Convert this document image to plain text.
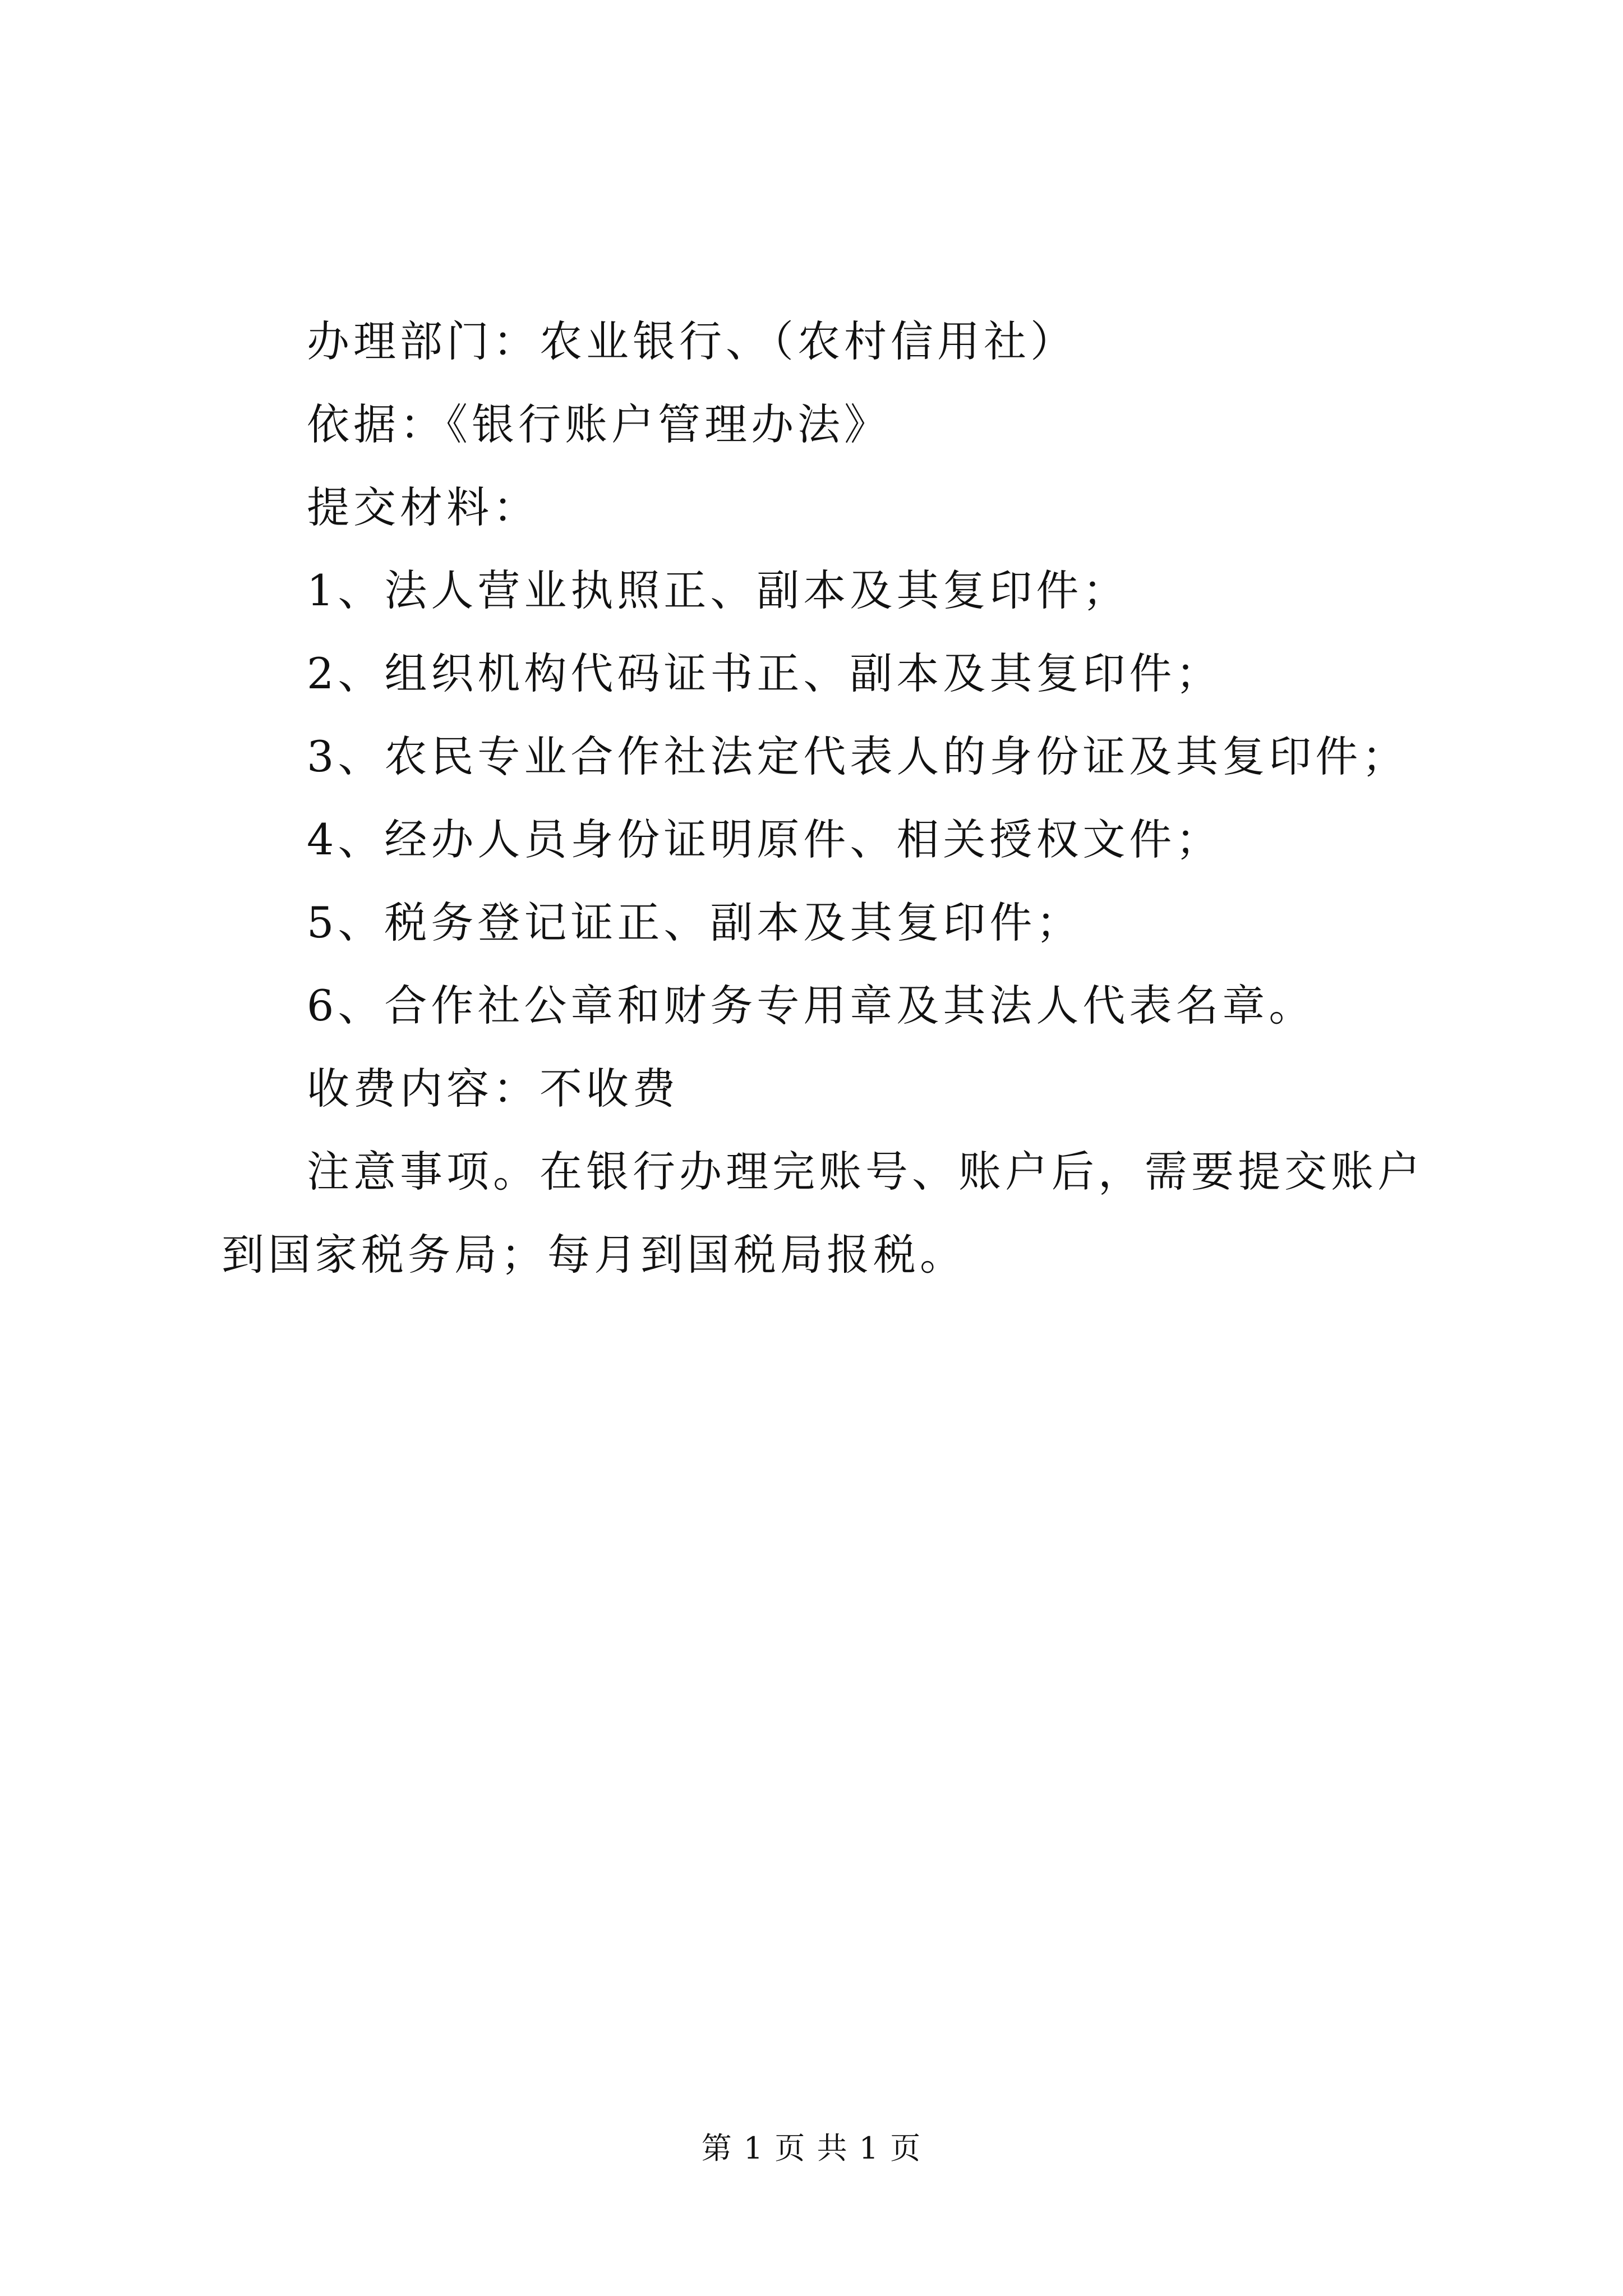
办理部门：农业银行、（农村信用社）

依据：《银行账户管理办法》

提交材料：

1、法人营业执照正、副本及其复印件；

2、组织机构代码证书正、副本及其复印件；

3、农民专业合作社法定代表人的身份证及其复印件；

4、经办人员身份证明原件、相关授权文件；

5、税务登记证正、副本及其复印件；

6、合作社公章和财务专用章及其法人代表名章。

收费内容：不收费

注意事项。在银行办理完账号、账户后，需要提交账户到国家税务局；每月到国税局报税。

第 1 页 共 1 页
